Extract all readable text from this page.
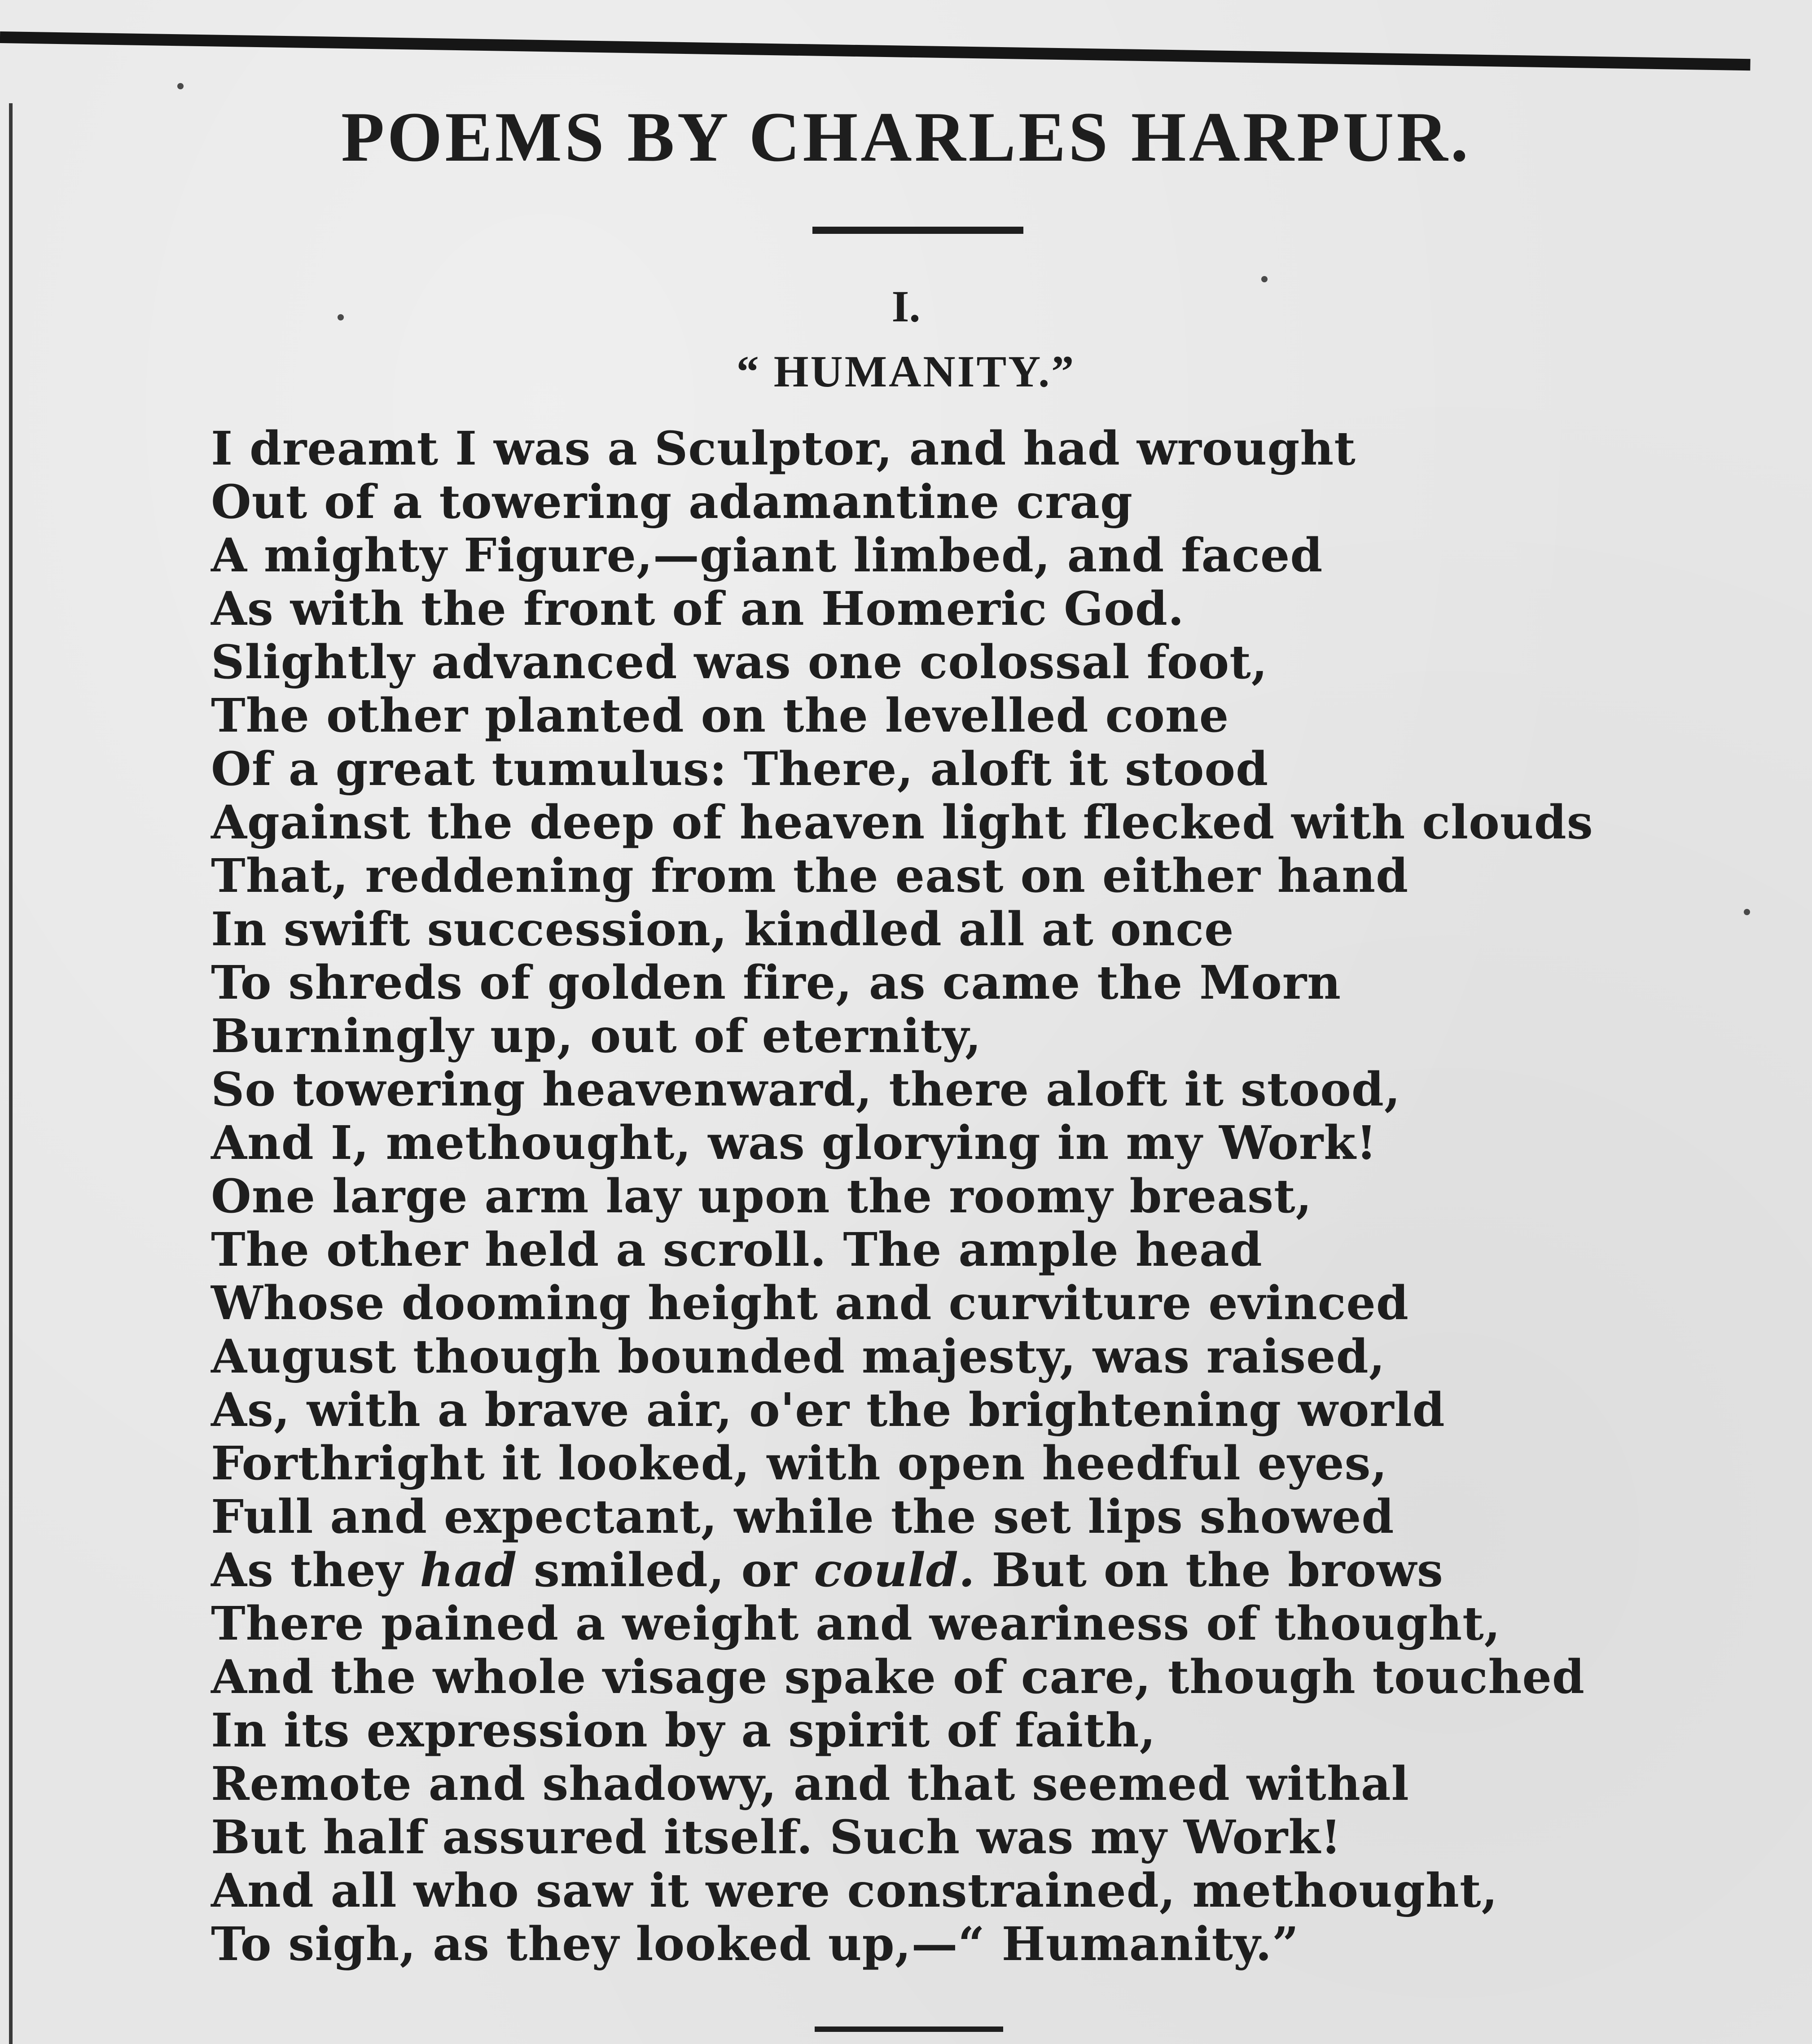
POEMS BY CHARLES HARPUR.
I.
“ HUMANITY.”
I dreamt I was a Sculptor, and had wrought
Out of a towering adamantine crag
A mighty Figure,—giant limbed, and faced
As with the front of an Homeric God.
Slightly advanced was one colossal foot,
The other planted on the levelled cone
Of a great tumulus: There, aloft it stood
Against the deep of heaven light flecked with clouds
That, reddening from the east on either hand
In swift succession, kindled all at once
To shreds of golden fire, as came the Morn
Burningly up, out of eternity,
So towering heavenward, there aloft it stood,
And I, methought, was glorying in my Work!
One large arm lay upon the roomy breast,
The other held a scroll. The ample head
Whose dooming height and curviture evinced
August though bounded majesty, was raised,
As, with a brave air, o'er the brightening world
Forthright it looked, with open heedful eyes,
Full and expectant, while the set lips showed
As they had smiled, or could. But on the brows
There pained a weight and weariness of thought,
And the whole visage spake of care, though touched
In its expression by a spirit of faith,
Remote and shadowy, and that seemed withal
But half assured itself. Such was my Work!
And all who saw it were constrained, methought,
To sigh, as they looked up,—“ Humanity.”
